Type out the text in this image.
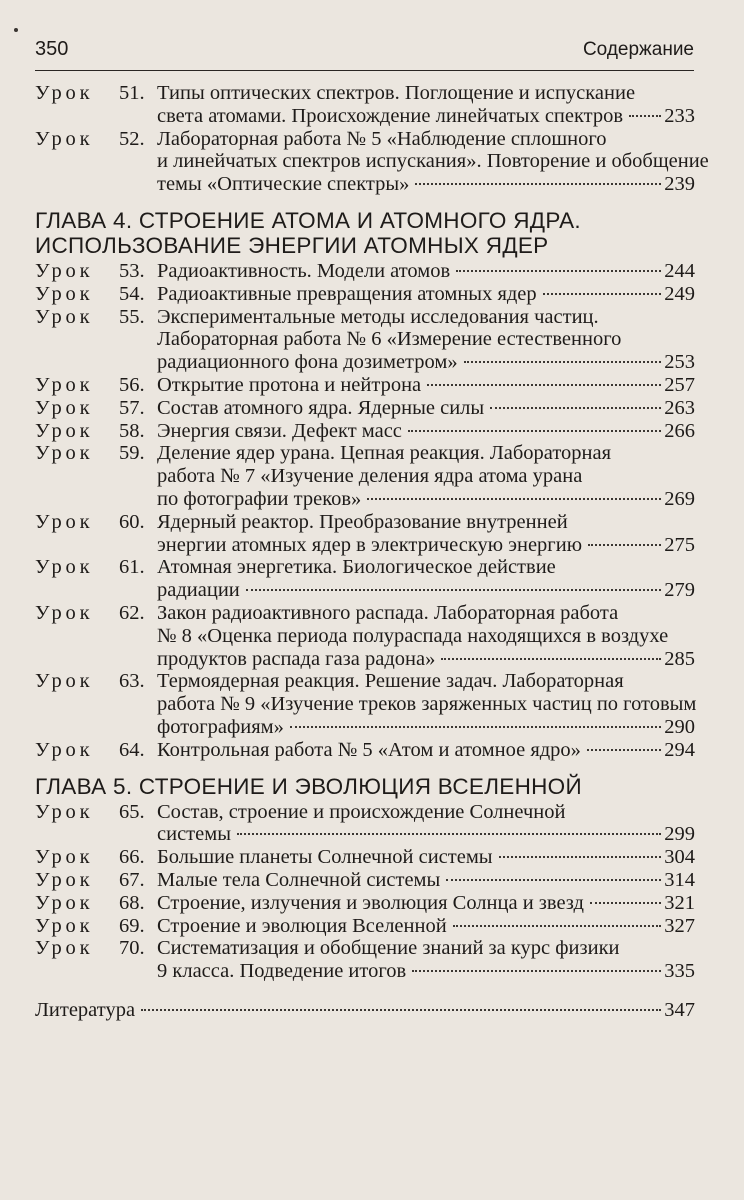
350	Содержание
Урок	51. Типы оптических спектров. Поглощение и испускание
света атомами. Происхождение линейчатых спектров 233
Урок	52. Лабораторная работа № 5 «Наблюдение сплошного
и линейчатых спектров испускания». Повторение и обобщение
темы «Оптические спектры»	239
ГЛАВА 4. СТРОЕНИЕ АТОМА И АТОМНОГО ЯДРА.
ИСПОЛЬЗОВАНИЕ ЭНЕРГИИ АТОМНЫХ ЯДЕР
Урок	53. Радиоактивность. Модели атомов	244
Урок	54. Радиоактивные превращения атомных ядер	249
Урок	55. Экспериментальные методы исследования частиц.
Лабораторная работа № 6 «Измерение естественного
радиационного фона дозиметром»	253
Урок	56. Открытие протона и нейтрона	257
Урок	57. Состав атомного ядра. Ядерные силы	263
Урок	58. Энергия связи. Дефект масс	266
Урок	59. Деление ядер урана. Цепная реакция. Лабораторная
работа № 7 «Изучение деления ядра атома урана
по фотографии треков»	269
Урок	60. Ядерный реактор. Преобразование внутренней
энергии атомных ядер в электрическую энергию	275
Урок	61. Атомная энергетика. Биологическое действие
радиации	279
Урок	62. Закон радиоактивного распада. Лабораторная работа
№ 8 «Оценка периода полураспада находящихся в воздухе
продуктов распада газа радона»	285
Урок	63. Термоядерная реакция. Решение задач. Лабораторная
работа № 9 «Изучение треков заряженных частиц по готовым
фотографиям»	290
Урок	64. Контрольная работа № 5 «Атом и атомное ядро»	294
ГЛАВА 5. СТРОЕНИЕ И ЭВОЛЮЦИЯ ВСЕЛЕННОЙ
Урок	65. Состав, строение и происхождение Солнечной
системы	299
Урок	66. Большие планеты Солнечной системы	304
Урок	67. Малые тела Солнечной системы	314
Урок	68. Строение, излучения и эволюция Солнца и звезд	321
Урок	69. Строение и эволюция Вселенной	327
Урок	70. Систематизация и обобщение знаний за курс физики
9 класса. Подведение итогов	335
Литература	347
